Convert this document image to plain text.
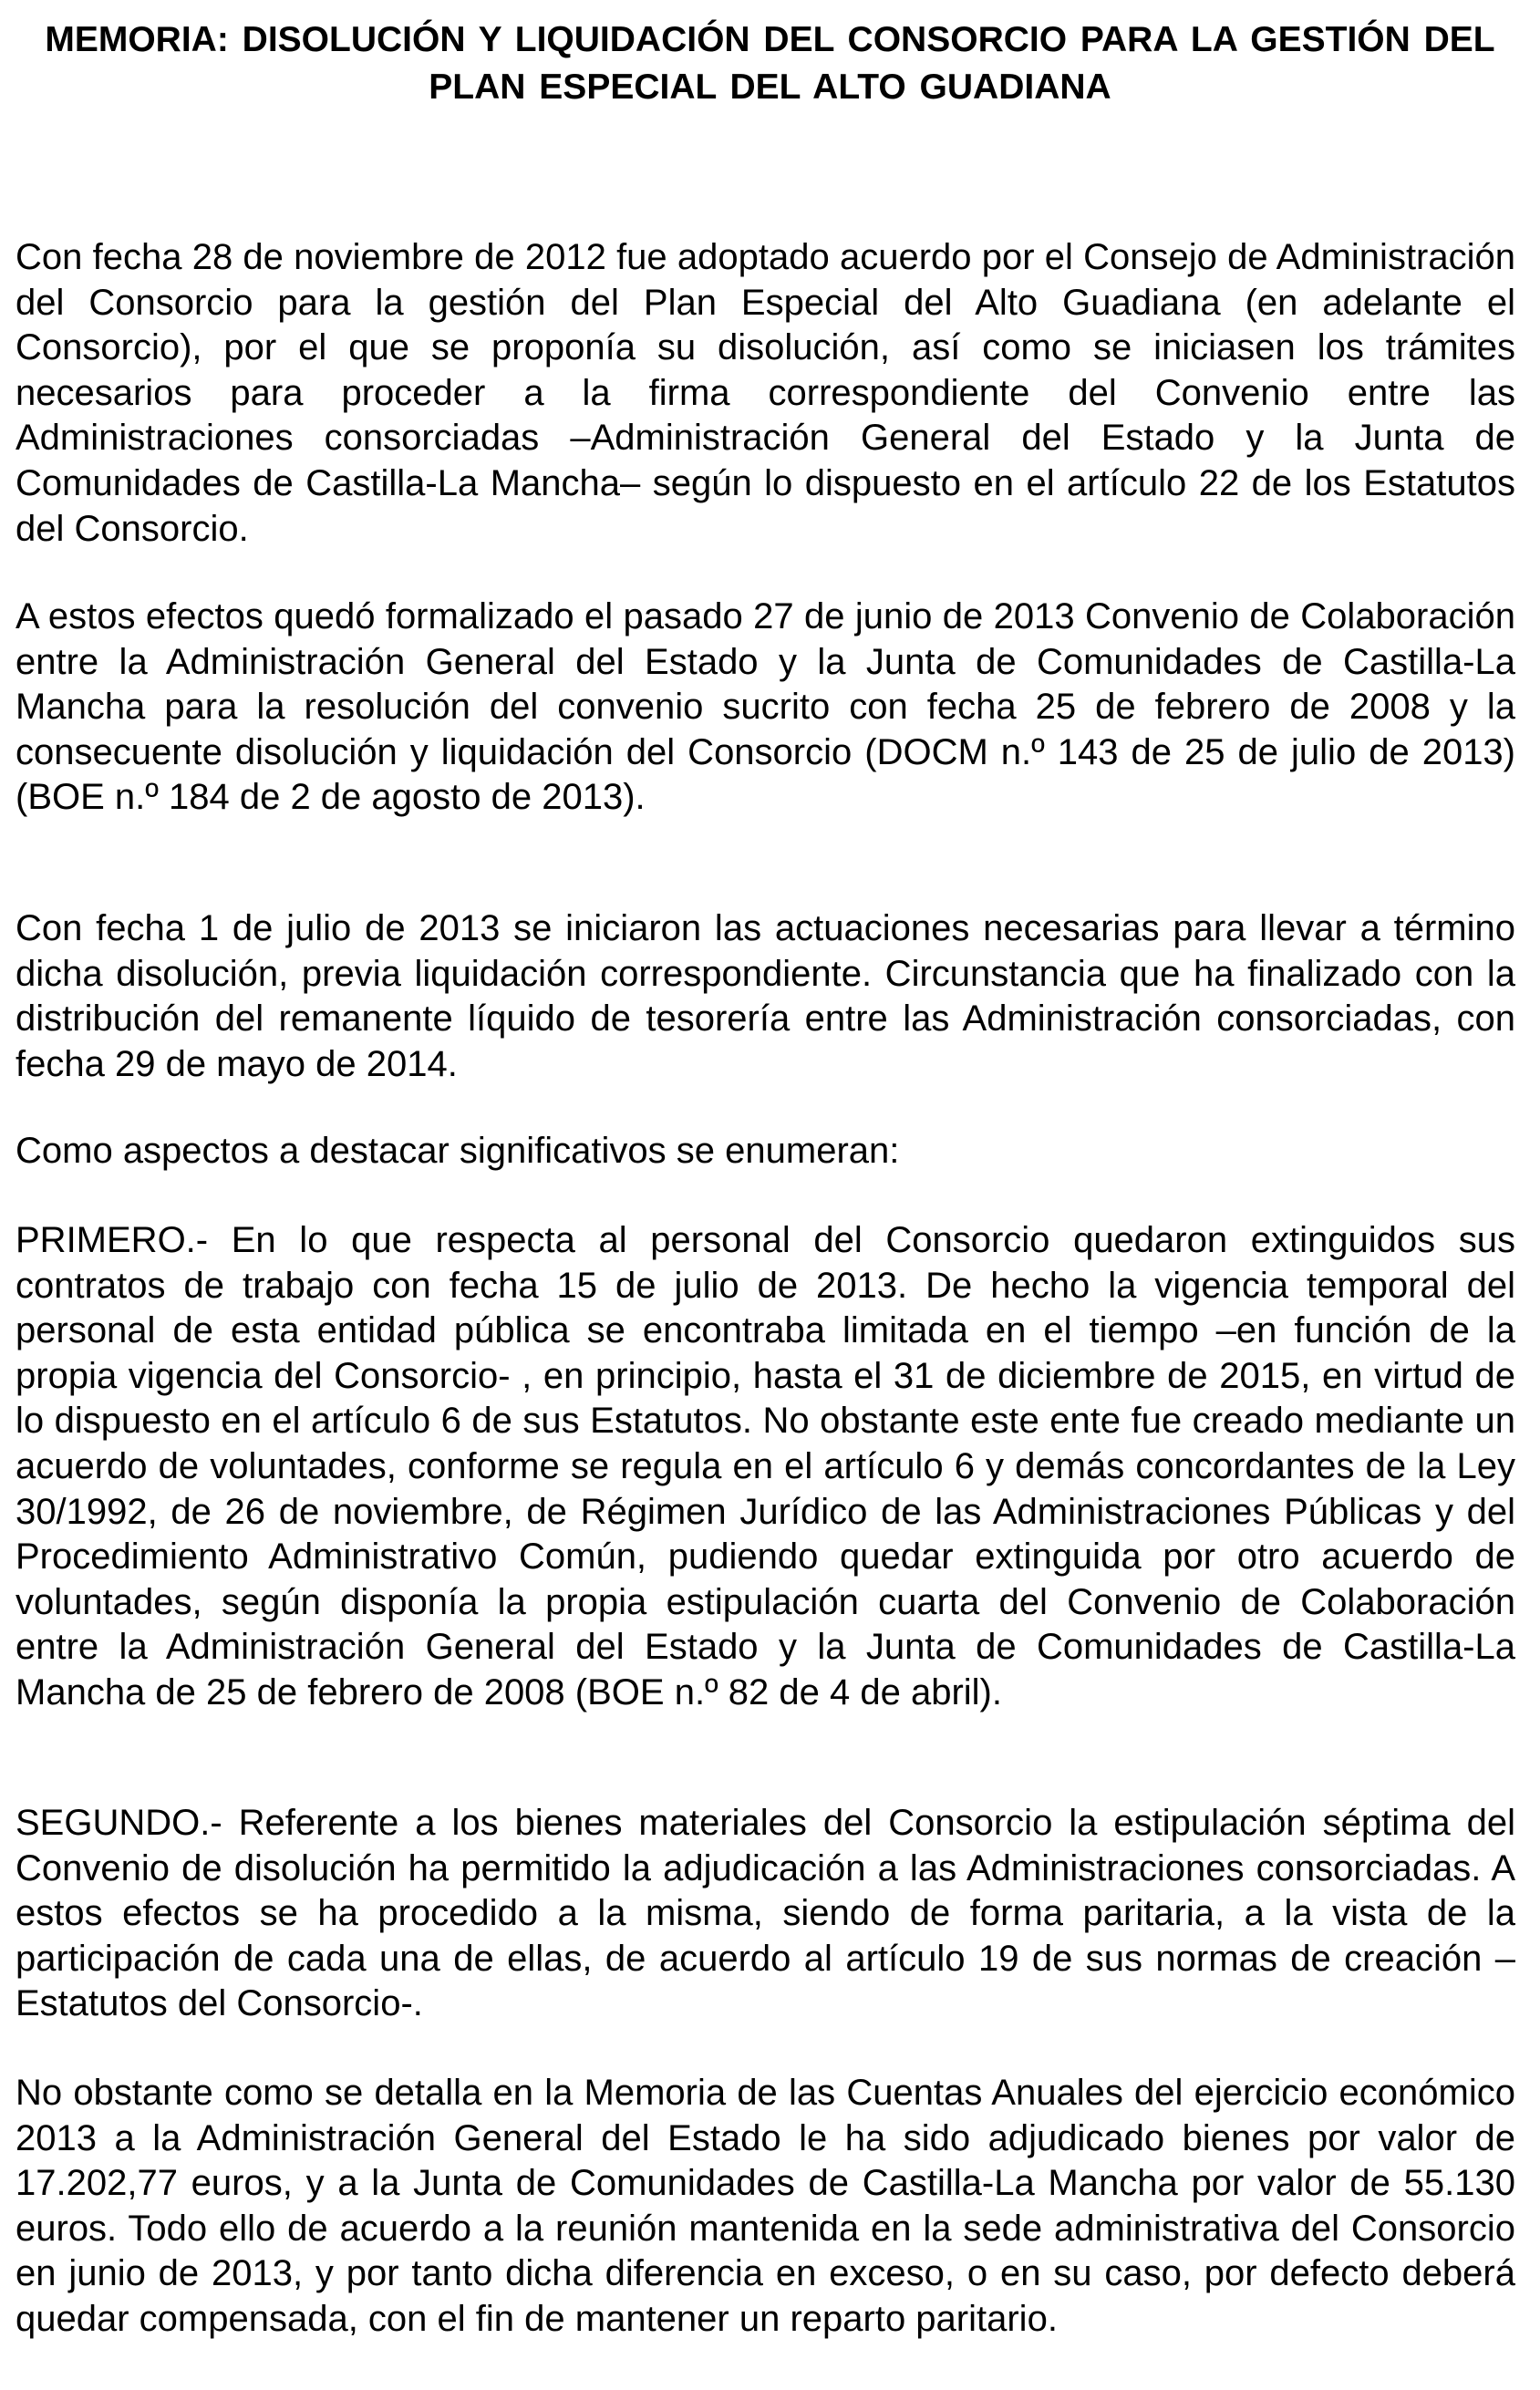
MEMORIA: DISOLUCIÓN Y LIQUIDACIÓN DEL CONSORCIO PARA LA GESTIÓN DEL PLAN ESPECIAL DEL ALTO GUADIANA

Con fecha 28 de noviembre de 2012 fue adoptado acuerdo por el Consejo de Administración del Consorcio para la gestión del Plan Especial del Alto Guadiana (en adelante el Consorcio), por el que se proponía su disolución, así como se iniciasen los trámites necesarios para proceder a la firma correspondiente del Convenio entre las Administraciones consorciadas –Administración General del Estado y la Junta de Comunidades de Castilla-La Mancha– según lo dispuesto en el artículo 22 de los Estatutos del Consorcio.

A estos efectos quedó formalizado el pasado 27 de junio de 2013 Convenio de Colaboración entre la Administración General del Estado y la Junta de Comunidades de Castilla-La Mancha para la resolución del convenio sucrito con fecha 25 de febrero de 2008 y la consecuente disolución y liquidación del Consorcio (DOCM n.º 143 de 25 de julio de 2013) (BOE n.º 184 de 2 de agosto de 2013).

Con fecha 1 de julio de 2013 se iniciaron las actuaciones necesarias para llevar a término dicha disolución, previa liquidación correspondiente. Circunstancia que ha finalizado con la distribución del remanente líquido de tesorería entre las Administración consorciadas, con fecha 29 de mayo de 2014.

Como aspectos a destacar significativos se enumeran:

PRIMERO.- En lo que respecta al personal del Consorcio quedaron extinguidos sus contratos de trabajo con fecha 15 de julio de 2013. De hecho la vigencia temporal del personal de esta entidad pública se encontraba limitada en el tiempo –en función de la propia vigencia del Consorcio- , en principio, hasta el 31 de diciembre de 2015, en virtud de lo dispuesto en el artículo 6 de sus Estatutos. No obstante este ente fue creado mediante un acuerdo de voluntades, conforme se regula en el artículo 6 y demás concordantes de la Ley 30/1992, de 26 de noviembre, de Régimen Jurídico de las Administraciones Públicas y del Procedimiento Administrativo Común, pudiendo quedar extinguida por otro acuerdo de voluntades, según disponía la propia estipulación cuarta del Convenio de Colaboración entre la Administración General del Estado y la Junta de Comunidades de Castilla-La Mancha de 25 de febrero de 2008 (BOE n.º 82 de 4 de abril).

SEGUNDO.- Referente a los bienes materiales del Consorcio la estipulación séptima del Convenio de disolución ha permitido la adjudicación a las Administraciones consorciadas. A estos efectos se ha procedido a la misma, siendo de forma paritaria, a la vista de la participación de cada una de ellas, de acuerdo al artículo 19 de sus normas de creación –Estatutos del Consorcio-.

No obstante como se detalla en la Memoria de las Cuentas Anuales del ejercicio económico 2013 a la Administración General del Estado le ha sido adjudicado bienes por valor de 17.202,77 euros, y a la Junta de Comunidades de Castilla-La Mancha por valor de 55.130 euros. Todo ello de acuerdo a la reunión mantenida en la sede administrativa del Consorcio en junio de 2013, y por tanto dicha diferencia en exceso, o en su caso, por defecto deberá quedar compensada, con el fin de mantener un reparto paritario.
